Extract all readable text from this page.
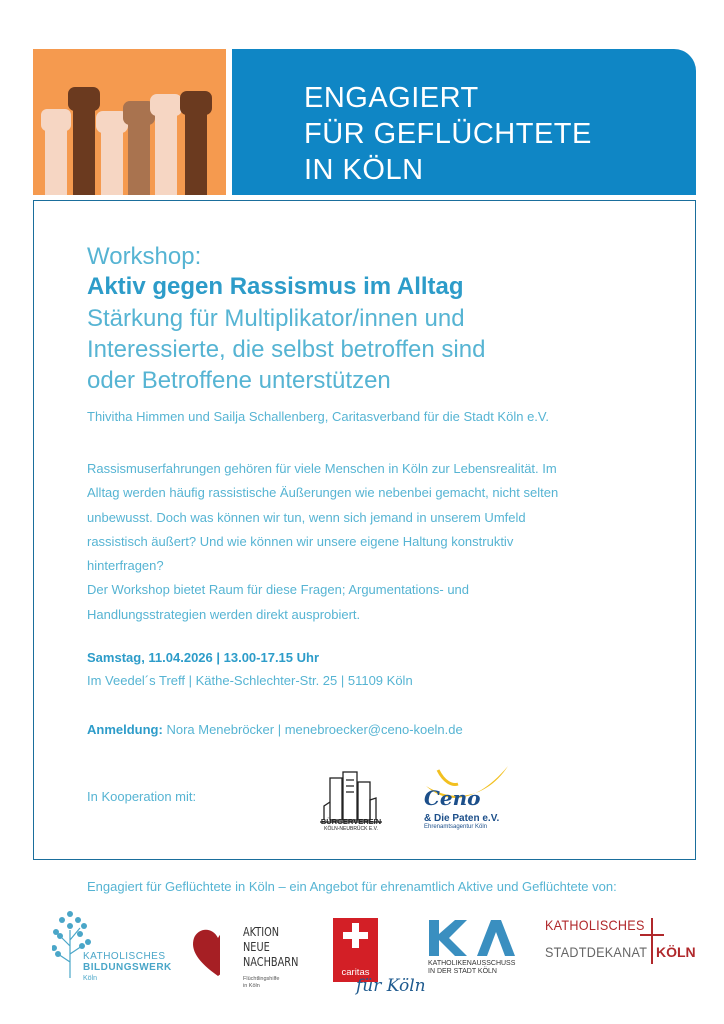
ENGAGIERT
FÜR GEFLÜCHTETE
IN KÖLN
Workshop:
Aktiv gegen Rassismus im Alltag
Stärkung für Multiplikator/innen und
Interessierte, die selbst betroffen sind
oder Betroffene unterstützen
Thivitha Himmen und Sailja Schallenberg, Caritasverband für die Stadt Köln e.V.
Rassismuserfahrungen gehören für viele Menschen in Köln zur Lebensrealität. Im
Alltag werden häufig rassistische Äußerungen wie nebenbei gemacht, nicht selten
unbewusst. Doch was können wir tun, wenn sich jemand in unserem Umfeld
rassistisch äußert? Und wie können wir unsere eigene Haltung konstruktiv
hinterfragen?
Der Workshop bietet Raum für diese Fragen; Argumentations- und
Handlungsstrategien werden direkt ausprobiert.
Samstag, 11.04.2026 | 13.00-17.15 Uhr
Im Veedel´s Treff | Käthe-Schlechter-Str. 25 | 51109 Köln
Anmeldung: Nora Menebröcker | menebroecker@ceno-koeln.de
In Kooperation mit:
BÜRGERVEREIN
KÖLN-NEUBRÜCK E.V.
Ceno
& Die Paten e.V.
Ehrenamtsagentur Köln
Engagiert für Geflüchtete in Köln – ein Angebot für ehrenamtlich Aktive und Geflüchtete von:
KATHOLISCHES
BILDUNGSWERK
Köln
AKTION
NEUE
NACHBARN
Flüchtlingshilfe
in Köln
caritas
für Köln
KATHOLIKENAUSSCHUSS
IN DER STADT KÖLN
KATHOLISCHES
STADTDEKANAT KÖLN
